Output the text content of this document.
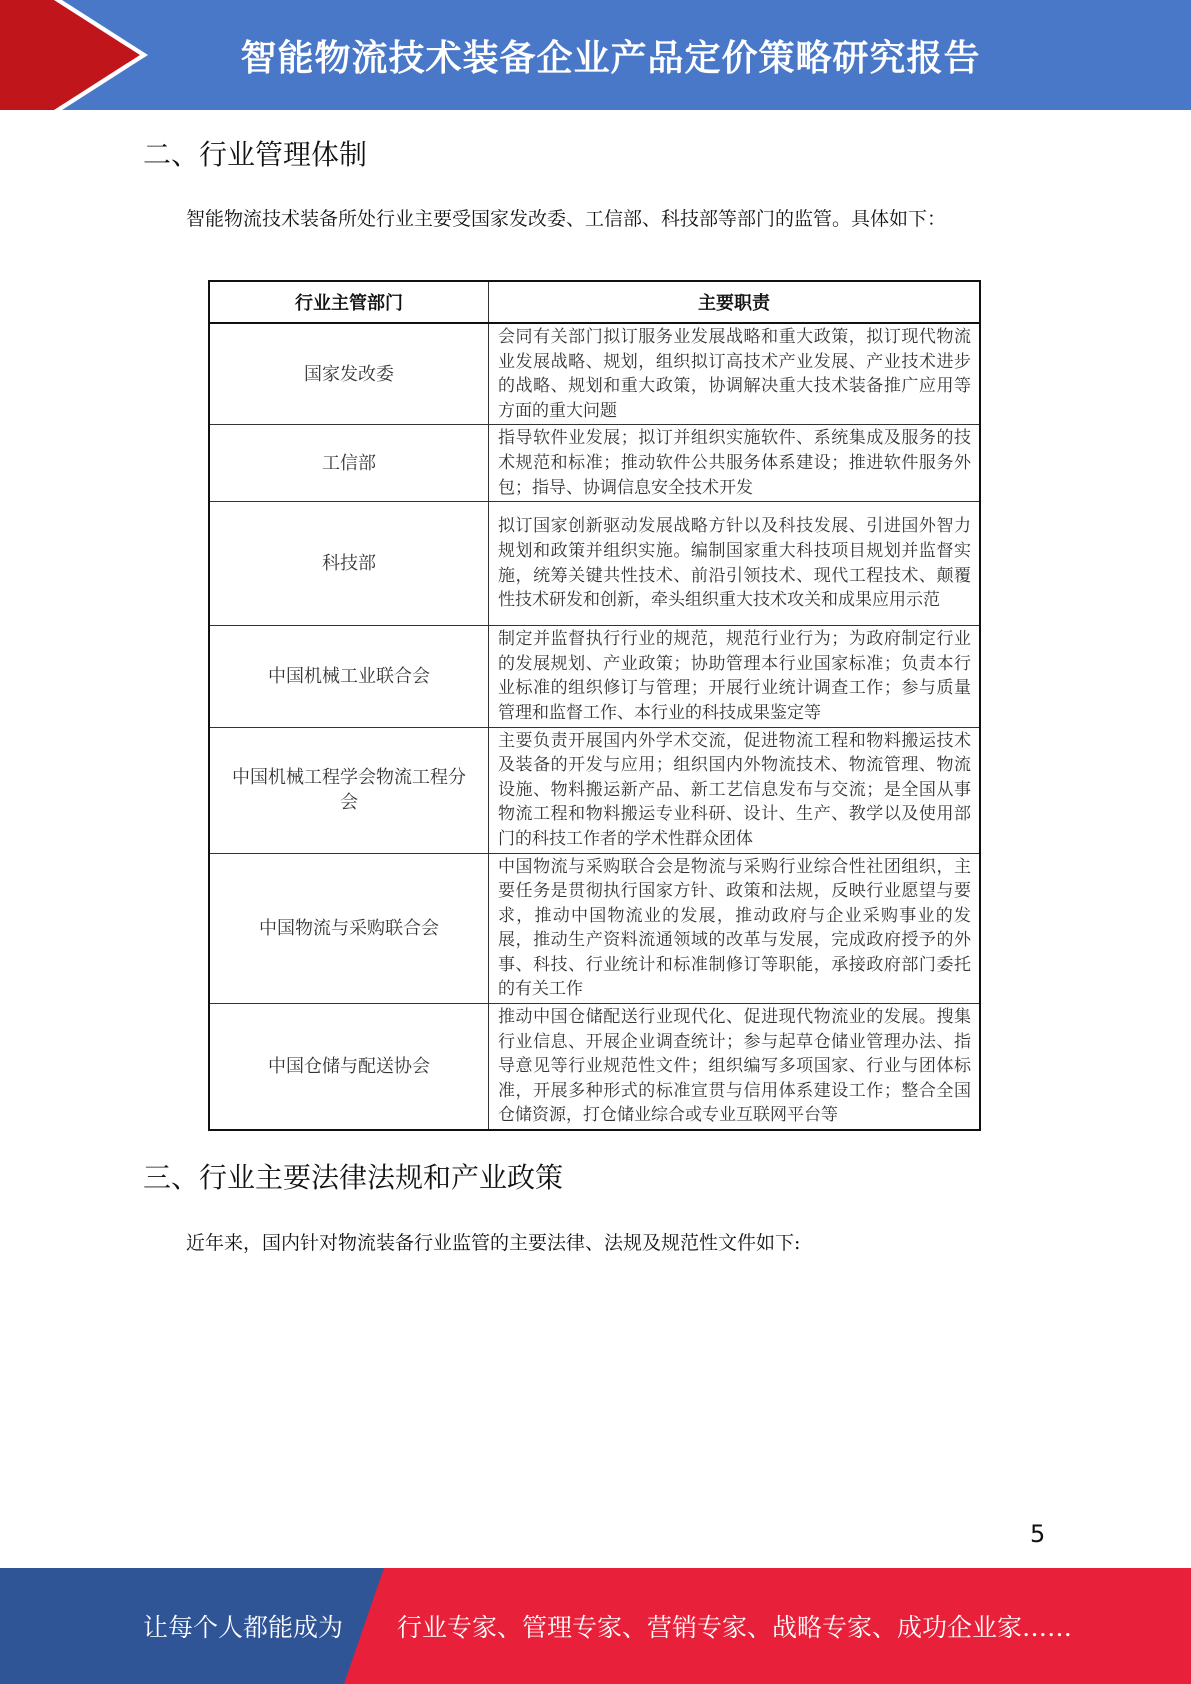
智能物流技术装备企业产品定价策略研究报告
二、行业管理体制
智能物流技术装备所处行业主要受国家发改委、工信部、科技部等部门的监管。具体如下：
行业主管部门	主要职责
国家发改委	会同有关部门拟订服务业发展战略和重大政策，拟订现代物流业发展战略、规划，组织拟订高技术产业发展、产业技术进步的战略、规划和重大政策，协调解决重大技术装备推广应用等方面的重大问题
工信部	指导软件业发展；拟订并组织实施软件、系统集成及服务的技术规范和标准；推动软件公共服务体系建设；推进软件服务外包；指导、协调信息安全技术开发
科技部	拟订国家创新驱动发展战略方针以及科技发展、引进国外智力规划和政策并组织实施。编制国家重大科技项目规划并监督实施，统筹关键共性技术、前沿引领技术、现代工程技术、颠覆性技术研发和创新，牵头组织重大技术攻关和成果应用示范
中国机械工业联合会	制定并监督执行行业的规范，规范行业行为；为政府制定行业的发展规划、产业政策；协助管理本行业国家标准；负责本行业标准的组织修订与管理；开展行业统计调查工作；参与质量管理和监督工作、本行业的科技成果鉴定等
中国机械工程学会物流工程分会	主要负责开展国内外学术交流，促进物流工程和物料搬运技术及装备的开发与应用；组织国内外物流技术、物流管理、物流设施、物料搬运新产品、新工艺信息发布与交流；是全国从事物流工程和物料搬运专业科研、设计、生产、教学以及使用部门的科技工作者的学术性群众团体
中国物流与采购联合会	中国物流与采购联合会是物流与采购行业综合性社团组织，主要任务是贯彻执行国家方针、政策和法规，反映行业愿望与要求，推动中国物流业的发展，推动政府与企业采购事业的发展，推动生产资料流通领域的改革与发展，完成政府授予的外事、科技、行业统计和标准制修订等职能，承接政府部门委托的有关工作
中国仓储与配送协会	推动中国仓储配送行业现代化、促进现代物流业的发展。搜集行业信息、开展企业调查统计；参与起草仓储业管理办法、指导意见等行业规范性文件；组织编写多项国家、行业与团体标准，开展多种形式的标准宣贯与信用体系建设工作；整合全国仓储资源，打仓储业综合或专业互联网平台等
三、行业主要法律法规和产业政策
近年来，国内针对物流装备行业监管的主要法律、法规及规范性文件如下:
5
让每个人都能成为 行业专家、管理专家、营销专家、战略专家、成功企业家……
